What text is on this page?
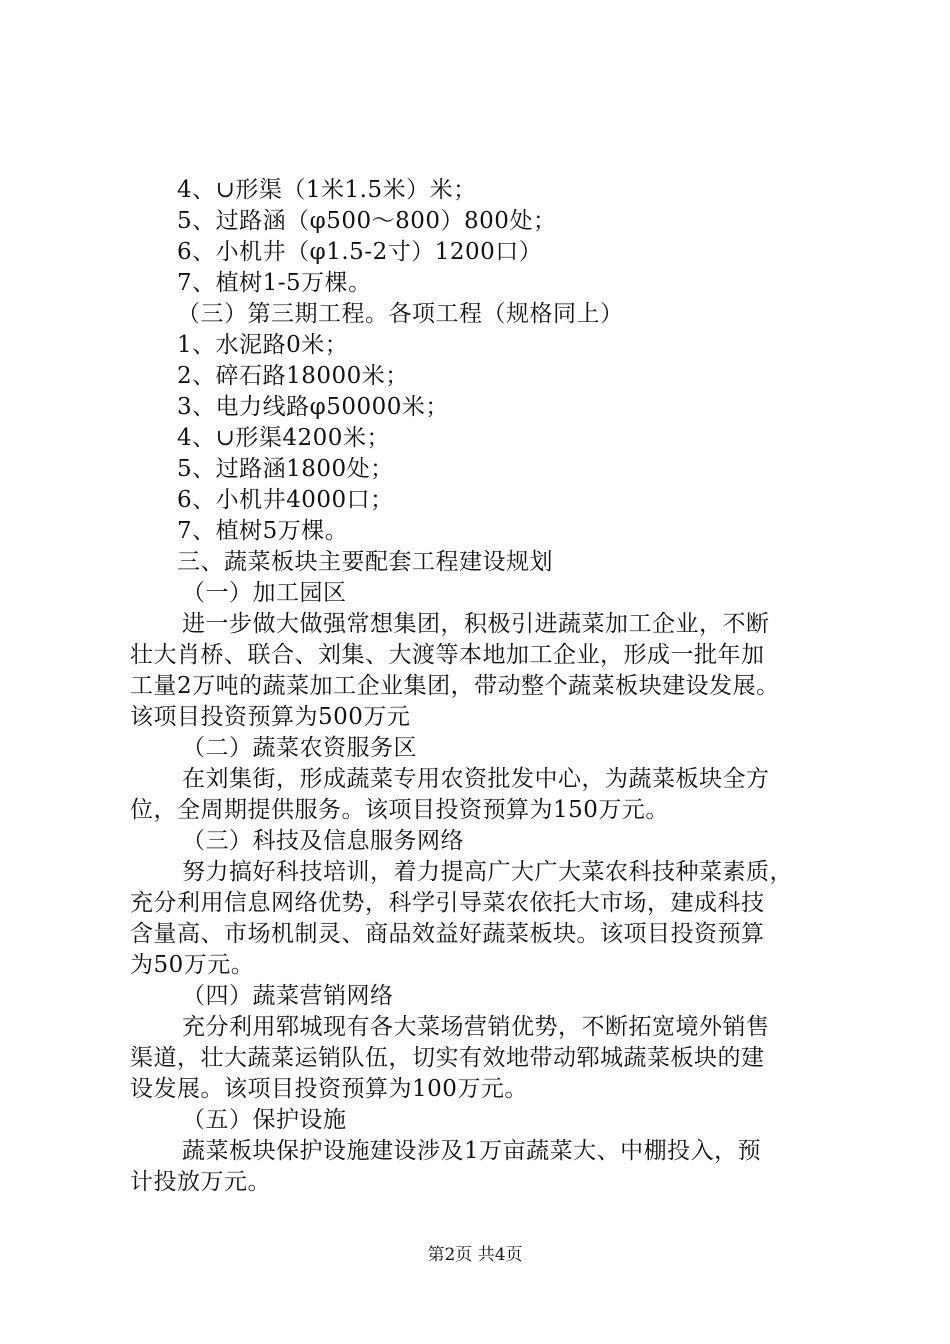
4、∪形渠（1米1.5米）米；
5、过路涵（φ500～800）800处；
6、小机井（φ1.5-2寸）1200口）
7、植树1-5万棵。
（三）第三期工程。各项工程（规格同上）
1、水泥路0米；
2、碎石路18000米；
3、电力线路φ50000米；
4、∪形渠4200米；
5、过路涵1800处；
6、小机井4000口；
7、植树5万棵。
三、蔬菜板块主要配套工程建设规划
（一）加工园区
进一步做大做强常想集团，积极引进蔬菜加工企业，不断
壮大肖桥、联合、刘集、大渡等本地加工企业，形成一批年加
工量2万吨的蔬菜加工企业集团，带动整个蔬菜板块建设发展。
该项目投资预算为500万元
（二）蔬菜农资服务区
在刘集街，形成蔬菜专用农资批发中心，为蔬菜板块全方
位，全周期提供服务。该项目投资预算为150万元。
（三）科技及信息服务网络
努力搞好科技培训，着力提高广大广大菜农科技种菜素质，
充分利用信息网络优势，科学引导菜农依托大市场，建成科技
含量高、市场机制灵、商品效益好蔬菜板块。该项目投资预算
为50万元。
（四）蔬菜营销网络
充分利用郓城现有各大菜场营销优势，不断拓宽境外销售
渠道，壮大蔬菜运销队伍，切实有效地带动郓城蔬菜板块的建
设发展。该项目投资预算为100万元。
（五）保护设施
蔬菜板块保护设施建设涉及1万亩蔬菜大、中棚投入，预
计投放万元。
第2页 共4页
